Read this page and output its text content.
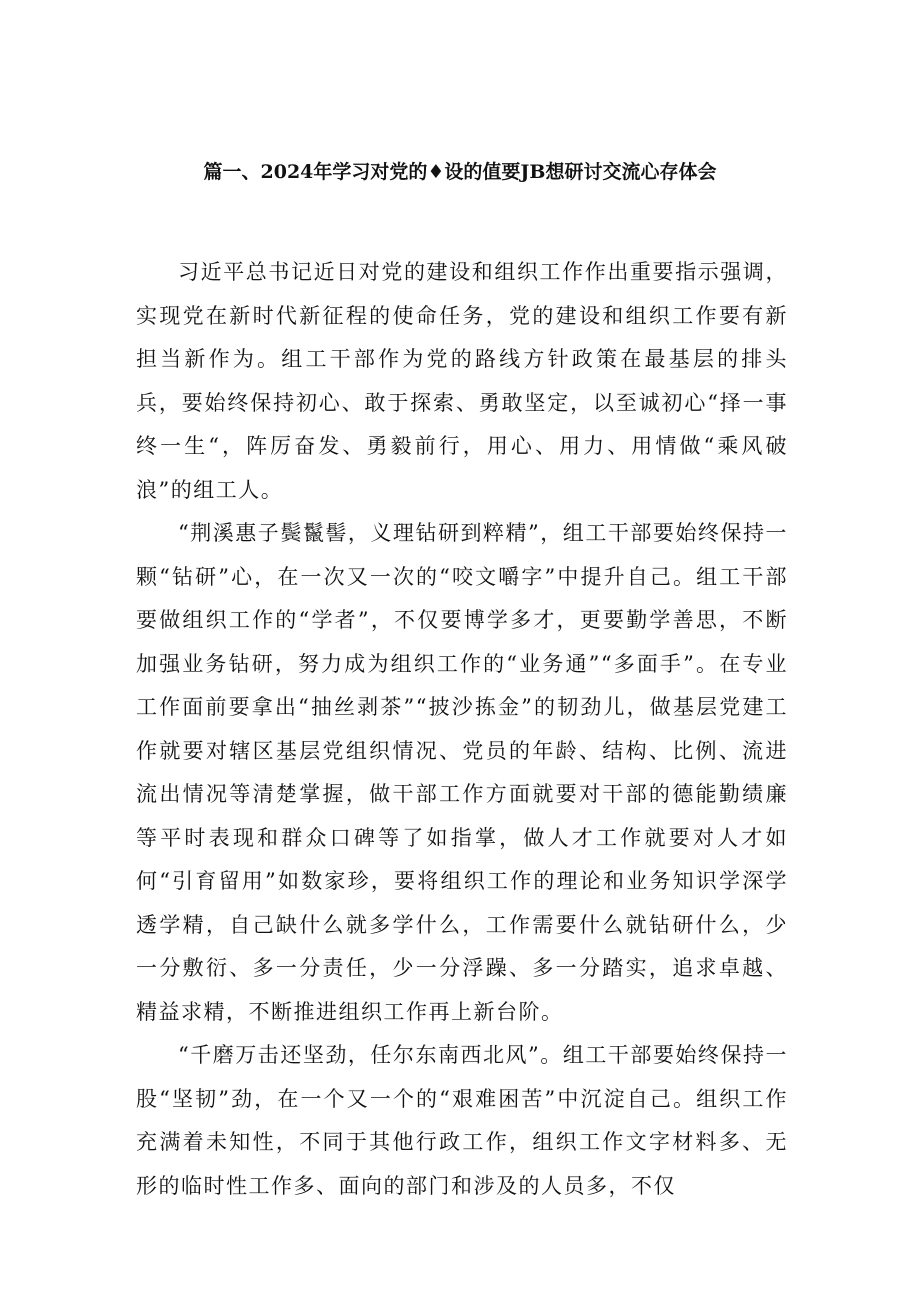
篇一、2024年学习对党的♦设的值要JB想研讨交流心存体会

习近平总书记近日对党的建设和组织工作作出重要指示强调，实现党在新时代新征程的使命任务，党的建设和组织工作要有新担当新作为。组工干部作为党的路线方针政策在最基层的排头兵，要始终保持初心、敢于探索、勇敢坚定，以至诚初心“择一事终一生“，阵厉奋发、勇毅前行，用心、用力、用情做“乘风破浪”的组工人。

“荆溪惠子鬓鬣髻，义理钻研到粹精”，组工干部要始终保持一颗“钻研”心，在一次又一次的“咬文嚼字”中提升自己。组工干部要做组织工作的“学者”，不仅要博学多才，更要勤学善思，不断加强业务钻研，努力成为组织工作的“业务通”“多面手”。在专业工作面前要拿出“抽丝剥茶”“披沙拣金”的韧劲儿，做基层党建工作就要对辖区基层党组织情况、党员的年龄、结构、比例、流进流出情况等清楚掌握，做干部工作方面就要对干部的德能勤绩廉等平时表现和群众口碑等了如指掌，做人才工作就要对人才如何“引育留用”如数家珍，要将组织工作的理论和业务知识学深学透学精，自己缺什么就多学什么，工作需要什么就钻研什么，少一分敷衍、多一分责任，少一分浮躁、多一分踏实，追求卓越、精益求精，不断推进组织工作再上新台阶。

“千磨万击还坚劲，任尔东南西北风”。组工干部要始终保持一股“坚韧”劲，在一个又一个的“艰难困苦”中沉淀自己。组织工作充满着未知性，不同于其他行政工作，组织工作文字材料多、无形的临时性工作多、面向的部门和涉及的人员多，不仅
